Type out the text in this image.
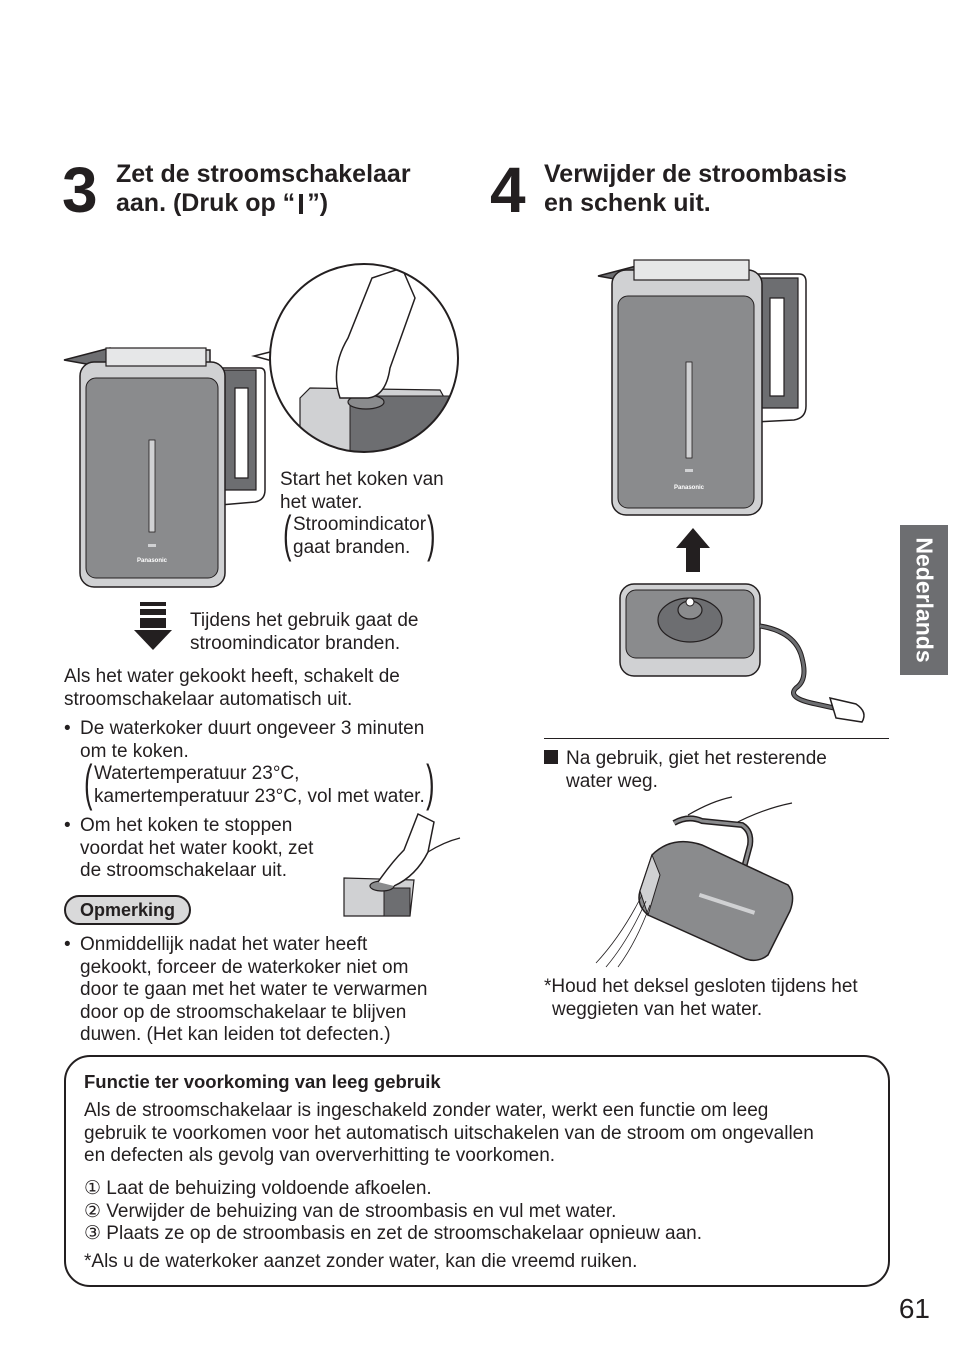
3 Zet de stroomschakelaar
aan. (Druk op “ ”)	4 Verwijder de stroombasis
en schenk uit.
Panasonic
Start het koken van
het water.
( Stroomindicator
gaat branden. )
Tijdens het gebruik gaat de
stroomindicator branden.
Als het water gekookt heeft, schakelt de
stroomschakelaar automatisch uit.
• De waterkoker duurt ongeveer 3 minuten
om te koken.
( Watertemperatuur 23°C,
kamertemperatuur 23°C, vol met water. )
• Om het koken te stoppen
voordat het water kookt, zet
de stroomschakelaar uit.
Opmerking
• Onmiddellijk nadat het water heeft
gekookt, forceer de waterkoker niet om
door te gaan met het water te verwarmen
door op de stroomschakelaar te blijven
duwen. (Het kan leiden tot defecten.)
Panasonic
Na gebruik, giet het resterende
water weg.
*Houd het deksel gesloten tijdens het
weggieten van het water.
Nederlands
Functie ter voorkoming van leeg gebruik
Als de stroomschakelaar is ingeschakeld zonder water, werkt een functie om leeg
gebruik te voorkomen voor het automatisch uitschakelen van de stroom om ongevallen
en defecten als gevolg van oververhitting te voorkomen.
① Laat de behuizing voldoende afkoelen.
② Verwijder de behuizing van de stroombasis en vul met water.
③ Plaats ze op de stroombasis en zet de stroomschakelaar opnieuw aan.
*Als u de waterkoker aanzet zonder water, kan die vreemd ruiken.
61
